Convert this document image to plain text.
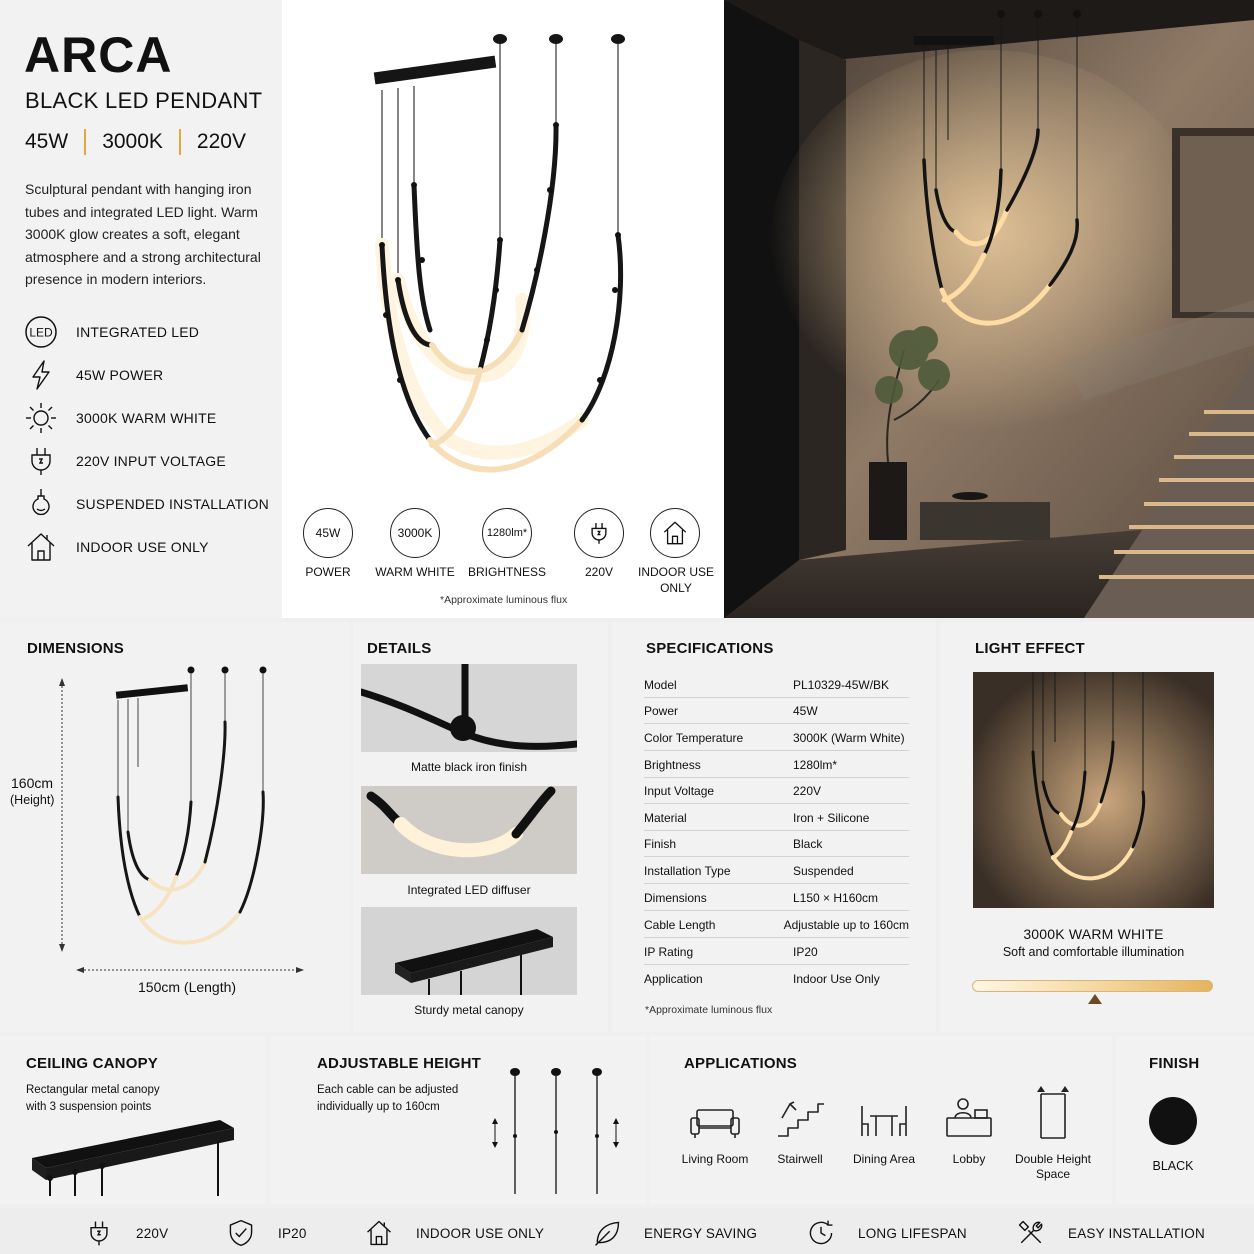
ARCA
BLACK LED PENDANT
45W 3000K 220V
Sculptural pendant with hanging iron tubes and integrated LED light. Warm 3000K glow creates a soft, elegant atmosphere and a strong architectural presence in modern interiors.
LED INTEGRATED LED
45W POWER
3000K WARM WHITE
220V INPUT VOLTAGE
SUSPENDED INSTALLATION
INDOOR USE ONLY
45W
POWER
3000K
WARM WHITE
1280lm*
BRIGHTNESS	220V	INDOOR USE ONLY
*Approximate luminous flux
DIMENSIONS
160cm
(Height)
150cm (Length)
DETAILS
Matte black iron finish
Integrated LED diffuser
Sturdy metal canopy
SPECIFICATIONS
Model	PL10329-45W/BK
Power	45W
Color Temperature	3000K (Warm White)
Brightness	1280lm*
Input Voltage	220V
Material	Iron + Silicone
Finish	Black
Installation Type	Suspended
Dimensions	L150 × H160cm
Cable Length	Adjustable up to 160cm
IP Rating	IP20
Application	Indoor Use Only
*Approximate luminous flux
LIGHT EFFECT
3000K WARM WHITE
Soft and comfortable illumination
CEILING CANOPY
Rectangular metal canopy with 3 suspension points
ADJUSTABLE HEIGHT
Each cable can be adjusted individually up to 160cm
APPLICATIONS
Living Room	Stairwell	Dining Area	Lobby	Double Height Space
FINISH
BLACK
220V	IP20	INDOOR USE ONLY	ENERGY SAVING	LONG LIFESPAN	EASY INSTALLATION
